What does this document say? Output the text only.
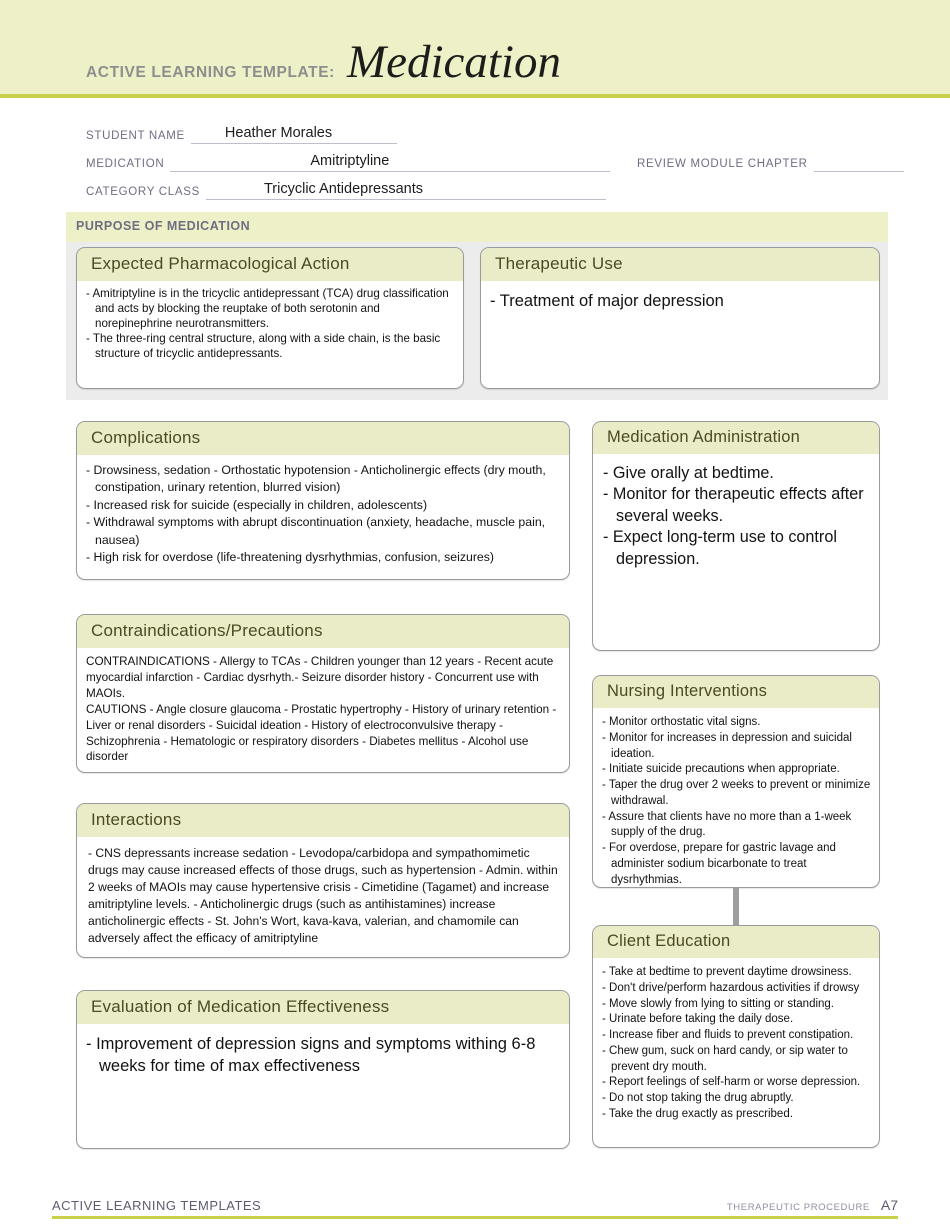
ACTIVE LEARNING TEMPLATE: Medication
STUDENT NAME	Heather Morales
MEDICATION	Amitriptyline
CATEGORY CLASS	Tricyclic Antidepressants
REVIEW MODULE CHAPTER
PURPOSE OF MEDICATION
Expected Pharmacological Action

- Amitriptyline is in the tricyclic antidepressant (TCA) drug classification and acts by blocking the reuptake of both serotonin and norepinephrine neurotransmitters.

- The three-ring central structure, along with a side chain, is the basic structure of tricyclic antidepressants.

Therapeutic Use

- Treatment of major depression

Complications

- Drowsiness, sedation - Orthostatic hypotension - Anticholinergic effects (dry mouth, constipation, urinary retention, blurred vision)

- Increased risk for suicide (especially in children, adolescents)

- Withdrawal symptoms with abrupt discontinuation (anxiety, headache, muscle pain, nausea)

- High risk for overdose (life-threatening dysrhythmias, confusion, seizures)

Contraindications/Precautions

CONTRAINDICATIONS - Allergy to TCAs - Children younger than 12 years - Recent acute myocardial infarction - Cardiac dysrhyth.- Seizure disorder history - Concurrent use with MAOIs.

CAUTIONS - Angle closure glaucoma - Prostatic hypertrophy - History of urinary retention -Liver or renal disorders - Suicidal ideation - History of electroconvulsive therapy -Schizophrenia - Hematologic or respiratory disorders - Diabetes mellitus - Alcohol use disorder

Interactions

- CNS depressants increase sedation - Levodopa/carbidopa and sympathomimetic drugs may cause increased effects of those drugs, such as hypertension - Admin. within 2 weeks of MAOIs may cause hypertensive crisis - Cimetidine (Tagamet) and increase amitriptyline levels. - Anticholinergic drugs (such as antihistamines) increase anticholinergic effects - St. John's Wort, kava-kava, valerian, and chamomile can adversely affect the efficacy of amitriptyline

Evaluation of Medication Effectiveness

- Improvement of depression signs and symptoms withing 6-8 weeks for time of max effectiveness

Medication Administration

- Give orally at bedtime.

- Monitor for therapeutic effects after several weeks.

- Expect long-term use to control depression.

Nursing Interventions

- Monitor orthostatic vital signs.

- Monitor for increases in depression and suicidal ideation.

- Initiate suicide precautions when appropriate.

- Taper the drug over 2 weeks to prevent or minimize withdrawal.

- Assure that clients have no more than a 1-week supply of the drug.

- For overdose, prepare for gastric lavage and administer sodium bicarbonate to treat dysrhythmias.

Client Education

- Take at bedtime to prevent daytime drowsiness.

- Don't drive/perform hazardous activities if drowsy

- Move slowly from lying to sitting or standing.

- Urinate before taking the daily dose.

- Increase fiber and fluids to prevent constipation.

- Chew gum, suck on hard candy, or sip water to prevent dry mouth.

- Report feelings of self-harm or worse depression.

- Do not stop taking the drug abruptly.

- Take the drug exactly as prescribed.

ACTIVE LEARNING TEMPLATES	THERAPEUTIC PROCEDURE A7
